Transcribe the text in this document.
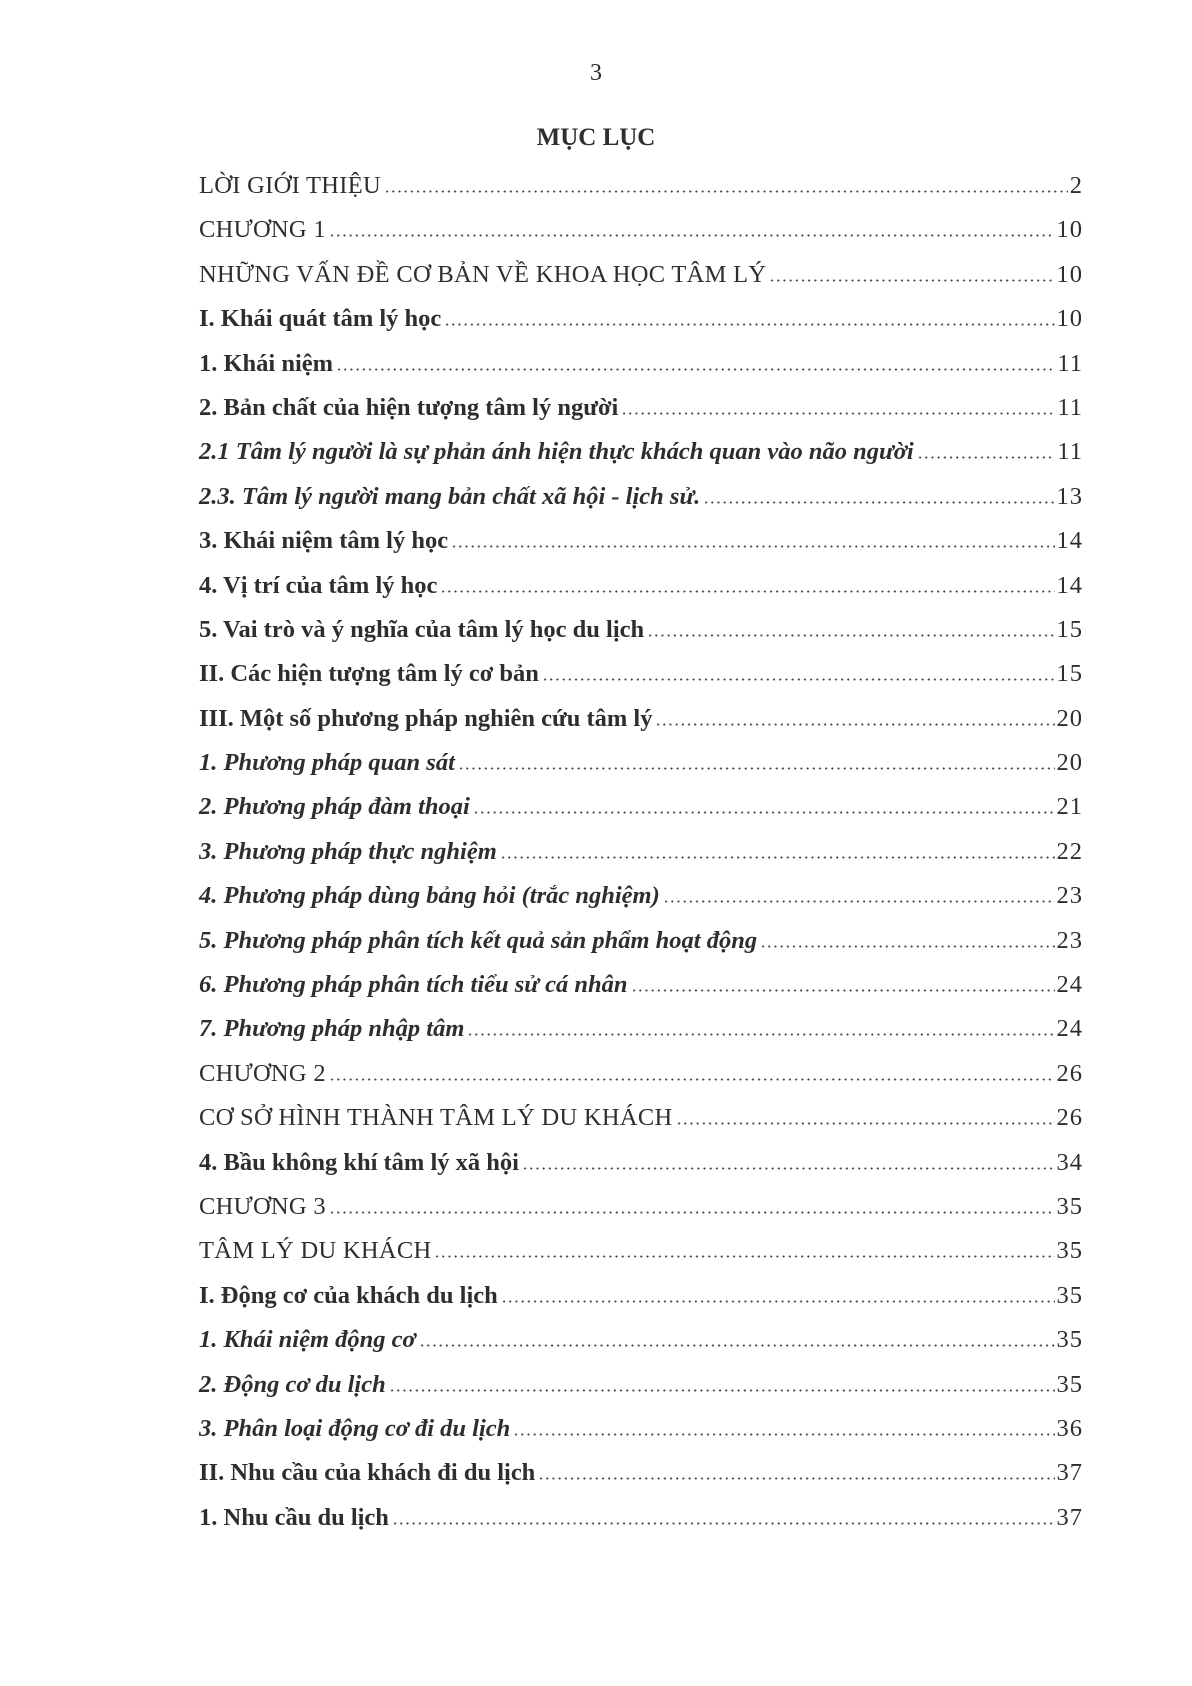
3
MỤC LỤC
LỜI GIỚI THIỆU	2
CHƯƠNG 1	10
NHỮNG VẤN ĐỀ CƠ BẢN VỀ KHOA HỌC TÂM LÝ	10
I. Khái quát tâm lý học	10
1. Khái niệm	11
2. Bản chất của hiện tượng tâm lý người	11
2.1 Tâm lý người là sự phản ánh hiện thực khách quan vào não người	11
2.3. Tâm lý người mang bản chất xã hội - lịch sử.	13
3. Khái niệm tâm lý học	14
4. Vị trí của tâm lý học	14
5. Vai trò và ý nghĩa của tâm lý học du lịch	15
II. Các hiện tượng tâm lý cơ bản	15
III. Một số phương pháp nghiên cứu tâm lý	20
1. Phương pháp quan sát	20
2. Phương pháp đàm thoại	21
3. Phương pháp thực nghiệm	22
4. Phương pháp dùng bảng hỏi (trắc nghiệm)	23
5. Phương pháp phân tích kết quả sản phẩm hoạt động	23
6. Phương pháp phân tích tiểu sử cá nhân	24
7. Phương pháp nhập tâm	24
CHƯƠNG 2	26
CƠ SỞ HÌNH THÀNH TÂM LÝ DU KHÁCH	26
4. Bầu không khí tâm lý xã hội	34
CHƯƠNG 3	35
TÂM LÝ DU KHÁCH	35
I. Động cơ của khách du lịch	35
1. Khái niệm động cơ	35
2. Động cơ du lịch	35
3. Phân loại động cơ đi du lịch	36
II. Nhu cầu của khách đi du lịch	37
1. Nhu cầu du lịch	37
